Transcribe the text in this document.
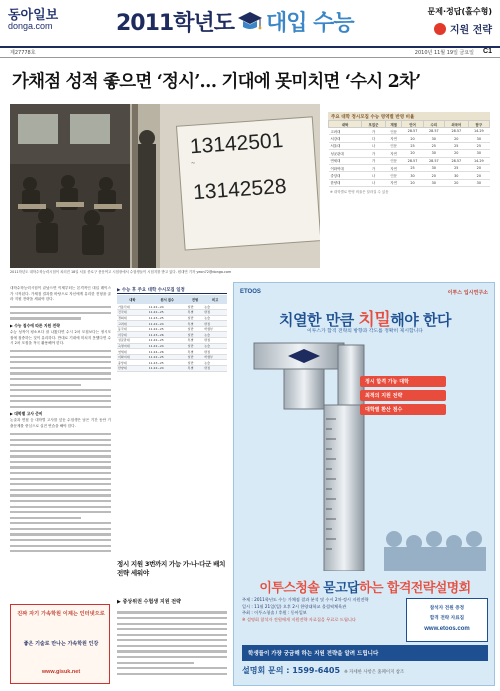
동아일보
donga.com	2011학년도 대입 수능	문제·정답(홀수형)
지원 전략
제27778호	2010년 11월 19일 금요일 C1
가채점 성적 좋으면 ‘정시’… 기대에 못미치면 ‘수시 2차’
13142501
~
13142528
2011학년도 대학수학능력시험이 치러진 18일 서울 종로구 풍문여고 시험장에서 수험생들이 시험지를 받고 있다. 원대연 기자 yeon72@donga.com
주요 대학 정시모집 수능 영역별 반영 비율
대학	모집군	계열	언어	수리	외국어	탐구
고려대	가	인문	28.57	28.57	28.57	14.29
서강대	다	자연	20	30	20	30
서울대	나	인문	25	25	25	25
성균관대	가	자연	20	30	20	30
연세대	가	인문	28.57	28.57	28.57	14.29
이화여대	가	자연	25	30	25	20
중앙대	나	인문	30	20	30	20
한양대	나	자연	20	30	20	30
※ 대학별로 반영 비율은 달라질 수 있음

대학수학능력시험이 끝났으면 이제부터는 본격적인 대입 레이스가 시작된다. 가채점 결과를 바탕으로 자신에게 유리한 전형을 골라 지원 전략을 세워야 한다.

▶ 수능 점수에 따른 지원 전략

수능 성적이 평소보다 잘 나왔다면 수시 2차 모집보다는 정시모집에 집중하는 것이 유리하다. 반대로 기대에 미치지 못했다면 수시 2차 모집을 적극 활용해야 한다.

▶ 대학별 고사 준비

논술과 면접 등 대학별 고사를 앞둔 수험생은 남은 기간 동안 기출문제를 중심으로 실전 연습을 해야 한다.

▶ 수능 후 주요 대학 수시모집 일정
대학	원서 접수	전형	비고
가톨릭대	11.22~24	일반	논술
건국대	11.22~25	특별	면접
경희대	11.23~25	일반	논술
고려대	11.22~24	특별	면접
동국대	11.22~25	일반	학생부
서강대	11.23~26	일반	논술
성균관대	11.22~25	특별	면접
숙명여대	11.22~24	일반	논술
연세대	11.24~26	특별	면접
이화여대	11.22~25	일반	학생부
중앙대	11.23~25	일반	논술
한양대	11.22~24	특별	면접
정시 지원 3번까지 가능 가·나·다군 배치 전략 세워야
▶ 중상위권 수험생 지원 전략
진짜 자기 가속학원 이제는 인터넷으로
좋은 기술로 만나는 가속학원 인강
www.gisuk.net
ETOOS	이투스 입시연구소
치열한 만큼 치밀해야 한다
이투스가 합격 전략의 방향과 각도를 정확히 제시합니다
정시 합격 가능 대학
최적의 지원 전략
대학별 환산 점수
이투스청솔 묻고답하는 합격전략설명회
주제 : 2011학년도 수능 가채점 결과 분석 및 수시 2차·정시 지원전략
일시 : 11월 21일(일) 오후 2시 한양대학교 올림픽체육관
주최 : 이투스청솔 / 후원 : 동아일보
※ 설명회 참석자 전원에게 지원전략 자료집을 무료로 드립니다
참석자 전원 증정
합격 전략 자료집
www.etoos.com
학생들이 가장 궁금해 하는 지원 전략을 알려 드립니다
설명회 문의 : 1599-6405 ※ 자세한 사항은 홈페이지 참조
